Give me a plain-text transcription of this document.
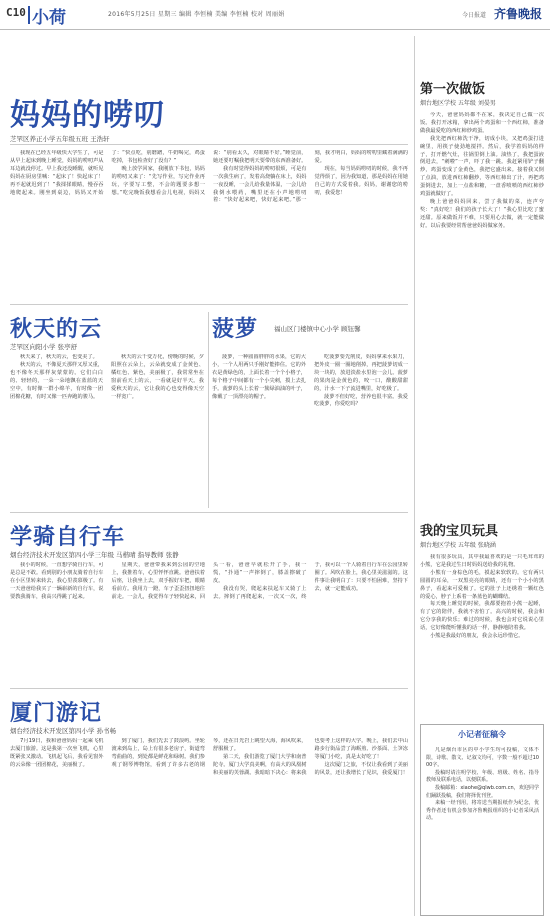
C10 小荷	2016年5月25日 星期三 编辑 李恒楠 美编 李恒楠 校对 周丽娟	今日报道 齐鲁晚报
妈妈的唠叨
芝罘区养正小学五年级五班 王浩轩

我现在已经五年级快大学生了，可是从早上起床到晚上睡觉，妈妈的唠叨声从耳边就没停过。早上我还没睡醒，就听见妈妈在厨房里喊：“起床了！快起床了！再不起就迟到了！”我揉揉眼睛，慢吞吞地爬起来。刚坐到桌边，妈妈又开始了：“快点吃，别磨蹭，牛奶喝完，鸡蛋吃掉，书包检查好了没有？”

晚上放学回家，我刚放下书包，妈妈的唠叨又来了：“先写作业，写完作业再玩，字要写工整，不会的题要多想一想。”吃完晚饭我想看会儿电视，妈妈又说：“别看太久，对眼睛不好。”睡觉前，她还要叮嘱我把明天要带的东西准备好。

我有时觉得妈妈的唠叨很烦，可是有一次我生病了，发着高烧躺在床上，妈妈一夜没睡，一会儿给我量体温，一会儿给我倒水喂药，嘴里还在小声地唠叨着：“快好起来吧，快好起来吧。”那一刻，我才明白，妈妈的唠叨里藏着满满的爱。

现在，每当妈妈唠叨的时候，我不再觉得烦了，因为我知道，那是妈妈在用她自己的方式爱着我。妈妈，谢谢您的唠叨，我爱您！

秋天的云
芝罘区向阳小学 张亭舒

秋天来了，秋天的云，也变美了。

秋天的云，不像夏天那样又厚又重，也不像冬天那样灰蒙蒙的。它们白白的、轻轻的，一朵一朵地飘在蓝蓝的天空中，有时像一群小绵羊，有时像一团团棉花糖，有时又像一匹奔跑的骏马。

秋天的云千变万化，傍晚的时候，夕阳照在云朵上，云朵就变成了金黄色、橘红色、紫色，美丽极了，我常常坐在窗前看天上的云，一看就是好半天。我爱秋天的云，它让我的心也变得像天空一样宽广。

菠萝 福山区门楼镇中心小学 顾钰馨

菠萝，一种圆圆胖胖的水果，它的大小，一个人用两只手刚好能捧住。它的外衣是黄绿色的，上面长着一个个小格子，每个格子中间都有一个小尖刺，摸上去扎手。菠萝的头上长着一簇绿油油的叶子，像戴了一顶漂亮的帽子。

吃菠萝要先削皮，妈妈拿来水果刀，把外皮一圈一圈地削掉，再把菠萝切成一块一块的，放进淡盐水里泡一会儿。菠萝的果肉是金黄色的，咬一口，酸酸甜甜的，汁水一下子流进嘴里，好吃极了。

菠萝不但好吃，营养也很丰富。我爱吃菠萝，你爱吃吗？

学骑自行车
烟台经济技术开发区第四小学三年级 马楷晴 指导教师 张静

我小的时候，一直想学骑自行车，可是总是不敢。看到别的小朋友骑着自行车在小区里转来转去，我心里羡慕极了。有一天爸爸给我买了一辆崭新的自行车，说要教我骑车，我高兴得跳了起来。

星期天，爸爸带我来到公园的空地上，我推着车，心里怦怦直跳。爸爸扶着后座，让我坐上去，双手握好车把，眼睛看前方。我用力一蹬，车子歪歪扭扭地往前走。一会儿，我觉得车子轻快起来，回头一看，爸爸早就松开了手，我一慌，“扑通”一声摔倒了，膝盖擦破了皮。

我没有哭，爬起来扶起车又骑了上去。摔倒了再爬起来，一次又一次，终于，我可以一个人骑着自行车在公园里转圈了。风吹在脸上，我心里美滋滋的。这件事让我明白了：只要不怕困难，坚持下去，就一定能成功。

厦门游记
烟台经济技术开发区第四小学 孙书畅

7月19日，我和爸爸妈妈一起乘飞机去厦门旅游。这是我第一次坐飞机，心里既紧张又激动。飞机起飞后，我看见窗外的云朵像一团团棉花，美丽极了。

到了厦门，我们先去了鼓浪屿。坐轮渡来到岛上，岛上有很多老房子，街道弯弯曲曲的，到处都是鲜花和绿树。我们参观了钢琴博物馆，看到了许多古老的钢琴，还在日光岩上眺望大海，海风吹来，舒服极了。

第二天，我们游览了厦门大学和南普陀寺。厦门大学真美啊，有高大的凤凰树和美丽的芙蓉湖。我暗暗下决心：将来我也要考上这样的大学。晚上，我们去中山路步行街品尝了海蛎煎、沙茶面、土笋冻等厦门小吃，真是太好吃了！

这次厦门之旅，不仅让我看到了美丽的风景，还让我增长了见识，我爱厦门！

第一次做饭
烟台地区学校 五年级 刘晏男

今天，爸爸妈妈都不在家，我决定自己做一次饭。我打开冰箱，拿出两个鸡蛋和一个西红柿，准备做我最爱吃的西红柿炒鸡蛋。

我先把西红柿洗干净，切成小块，又把鸡蛋打进碗里，用筷子使劲地搅拌。然后，我学着妈妈的样子，打开燃气灶，往锅里倒上油。油热了，我把蛋液倒进去，“刺啦”一声，吓了我一跳。我赶紧用铲子翻炒，鸡蛋变成了金黄色，我把它盛出来。接着我又倒了点油，放进西红柿翻炒，等西红柿出了汁，再把鸡蛋倒进去，加上一点盐和糖，一盘香喷喷的西红柿炒鸡蛋就做好了。

晚上爸爸妈妈回来，尝了我做的菜，连声夸奖：“真好吃！我们的孩子长大了！”我心里比吃了蜜还甜。原来做饭并不难，只要用心去做，就一定能做好。以后我要经常帮爸爸妈妈做家务。

我的宝贝玩具
烟台地区学校 五年级 张晓涵

我有很多玩具，其中我最喜欢的是一只毛茸茸的小熊，它是我过生日时妈妈送给我的礼物。

小熊有一身棕色的毛，摸起来软软的。它有两只圆圆的耳朵，一双黑亮亮的眼睛，还有一个小小的黑鼻子，看起来可爱极了。它的肚子上还绣着一颗红色的爱心，脖子上系着一条蓝色的蝴蝶结。

每天晚上睡觉的时候，我都要抱着小熊一起睡，有了它的陪伴，我就不害怕了。高兴的时候，我会和它分享我的快乐；难过的时候，我也会对它说说心里话，它好像能听懂我的话一样，静静地陪着我。

小熊是我最好的朋友，我会永远珍惜它。

小记者征稿令

凡是烟台市区的中小学生均可投稿，文体不限，诗歌、散文、记叙文均可，字数一般不超过1000字。

投稿时请注明学校、年级、班级、姓名、指导教师及联系电话，以便联系。

投稿邮箱：xiaohe@qlwb.com.cn，欢迎同学们踊跃投稿，我们将择优刊登。

来稿一经刊用，将寄送当期报纸作为纪念，优秀作者还有机会参加齐鲁晚报组织的小记者采风活动。
